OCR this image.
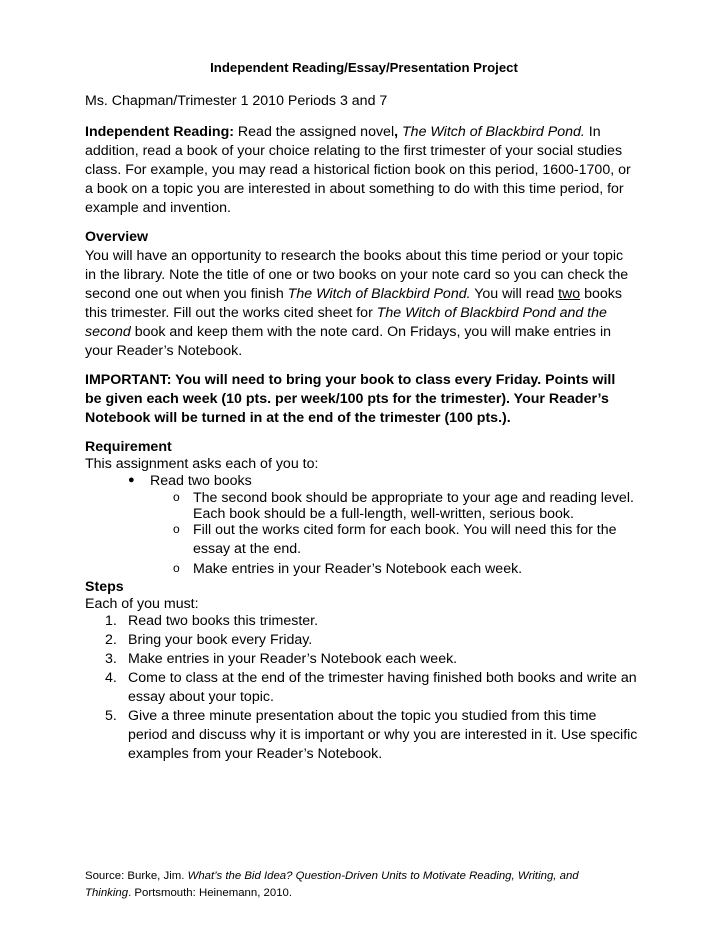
Independent Reading/Essay/Presentation Project
Ms. Chapman/Trimester 1 2010 Periods 3 and 7
Independent Reading: Read the assigned novel, The Witch of Blackbird Pond. In
addition, read a book of your choice relating to the first trimester of your social studies
class. For example, you may read a historical fiction book on this period, 1600-1700, or
a book on a topic you are interested in about something to do with this time period, for
example and invention.
Overview
You will have an opportunity to research the books about this time period or your topic
in the library. Note the title of one or two books on your note card so you can check the
second one out when you finish The Witch of Blackbird Pond. You will read two books
this trimester. Fill out the works cited sheet for The Witch of Blackbird Pond and the
second book and keep them with the note card. On Fridays, you will make entries in
your Reader’s Notebook.
IMPORTANT: You will need to bring your book to class every Friday. Points will
be given each week (10 pts. per week/100 pts for the trimester). Your Reader’s
Notebook will be turned in at the end of the trimester (100 pts.).
Requirement
This assignment asks each of you to:
● Read two books
o The second book should be appropriate to your age and reading level.
Each book should be a full-length, well-written, serious book.
o Fill out the works cited form for each book. You will need this for the
essay at the end.
o Make entries in your Reader’s Notebook each week.
Steps
Each of you must:
1. Read two books this trimester.
2. Bring your book every Friday.
3. Make entries in your Reader’s Notebook each week.
4. Come to class at the end of the trimester having finished both books and write an
essay about your topic.
5. Give a three minute presentation about the topic you studied from this time
period and discuss why it is important or why you are interested in it. Use specific
examples from your Reader’s Notebook.
Source: Burke, Jim. What’s the Bid Idea? Question-Driven Units to Motivate Reading, Writing, and
Thinking. Portsmouth: Heinemann, 2010.
